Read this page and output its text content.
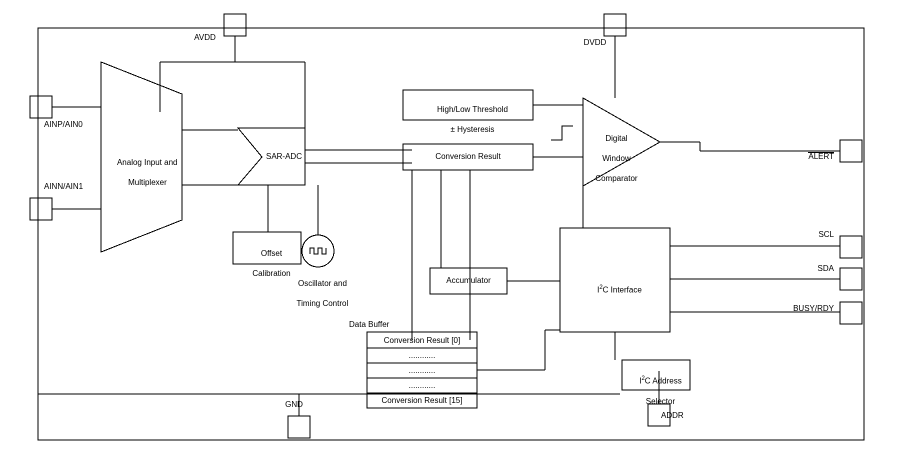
AVDD
DVDD
GND
ADDR
AINP/AIN0
AINN/AIN1

ALERT

SCL
SDA
BUSY/RDY

Analog Input and

Multiplexer

SAR-ADC

Offset

Calibration

Oscillator and

Timing Control

High/Low Threshold

± Hysteresis

Conversion Result

Digital

Window

Comparator

Accumulator

$I^2C$ Interface

$I^2C$ Address

Selector

Data Buffer
Conversion Result [0]
............
............
............
Conversion Result [15]
